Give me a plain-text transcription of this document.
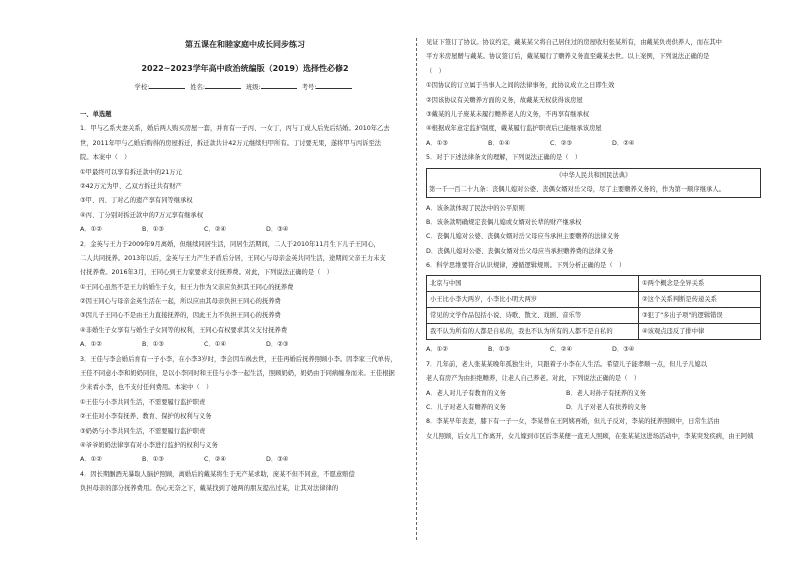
第五课在和睦家庭中成长同步练习
2022~2023学年高中政治统编版（2019）选择性必修2
学校:	姓名:	班级:	考号:
一、单选题
1．甲与乙系夫妻关系，婚后两人购买房屋一套，并育有一子丙、一女丁，丙与丁成人后先后结婚。2010年乙去
世，2011年甲与乙婚后购得的房屋拆迁，拆迁款共计42万元继续归甲所有。丁讨要无果，遂将甲与丙诉至法
院。本案中（　）
①甲最终可以享有拆迁款中的21万元
②42万元为甲、乙双方拆迁共有财产
③甲、丙、丁对乙的遗产享有同等继承权
④丙、丁分别对拆迁款中的7万元享有继承权
A．①②	B．①③	C．②④	D．③④
2．金英与王力于2009年9月离婚，但继续同居生活，同居生活期间，二人于2010年11月生下儿子王同心，
二人共同抚养。2013年以后，金英与王力产生矛盾后分居，王同心与母亲金英共同生活，途期间父亲王力未支
付抚养费。2016年3月，王同心到王力家要求支付抚养费。对此，下列说法正确的是（　）
①王同心虽然不是王力的婚生子女，但王力作为父亲应负担其王同心的抚养费
②因王同心与母亲金英生活在一起，所以应由其母亲负担王同心的抚养费
③因儿子王同心不是由王力直接抚养的，因此王力不负担王同心的抚养费
④非婚生子女享有与婚生子女同等的权利，王同心有权要求其父支付抚养费
A．①②	B．①③	C．①④	D．②③
3．王佳与李会婚后育有一子小李，在小李3岁时，李会因车祸去世，王佳再婚后抚养照顾小李。因李家三代单传，
王佳不同意小李和奶奶同住，是以小李同时和王佳与小李一起生活，照顾奶奶，奶奶由于同病缠身而来。王佳根据
少来看小李，也不支付任何费用。本案中（　）
①王佳与小李共同生活，不需要履行监护职责
②王佳对小李有抚养、教育、保护的权利与义务
③奶奶与小李共同生活，不需要履行监护职责
④爷爷奶奶法律享有对小李进行监护的权利与义务
A．①②	B．①③	C．②④	D．③④
4．因长期酗酒无暴取人脑护照顾，离婚后的戴某将生于无产某求助，庞某不但不同意，不愿意赔偿
负担母亲的部分抚养费用。伤心无奈之下，戴某找到了她两的朋友提出过某，让其对法律律的
见证下签订了协议。协议约定，戴某某父将自己居住过的房屋收归张某所有，由戴某负责供养人，而在其中
平方米房屋赠与戴某。协议签订后，戴某履行了赡养义务直至戴某去世。以上案例，下列说法正确的是
（　）
①因协议的订立属于当事人之间的法律事务，此协议成立之日即生效
②因该协议有关赡养方面的义务，故戴某无权获得该房屋
③戴某的儿子庞某未履行赡养老人的义务，不再享有继承权
④根据成年意定监护制度，戴某履行监护职责后已能继承该房屋
A．①③	B．①④	C．②③	D．②④
5．对于下述法律条文的理解，下列说法正确的是（　）
《中华人民共和国民法典》
第一千一百二十九条：丧偶儿媳对公婆、丧偶女婿对岳父母，尽了主要赡养义务的，作为第一顺序继承人。
A．该条款体现了民法中的公平原则
B．该条款明确规定丧偶儿媳或女婿对长辈的财产继承权
C．丧偶儿媳对公婆、丧偶女婿对岳父母应当承担主要赡养的法律义务
D．丧偶儿媳对公婆、丧偶女婿对岳父母应当承担赡养费的法律义务
6．科学思维要符合认识规律，遵循逻辑规则。下列分析正确的是（　）
北京与中国	①两个概念是全异关系
小王比小李大两岁，小李比小明大两岁	②这个关系判断是传递关系
常见的文学作品包括小说、诗歌、散文、戏剧、音乐等	③犯了"多出子项"的逻辑错误
我不认为所有的人都是自私的，我也不认为所有的人都不是自私的	④该观点违反了排中律
A．①②	B．①③	C．②④	D．③④
7．几年前，老人张某某晚年孤独生计，只跟着子小李在人生活。希望儿子能孝顺一点，但儿子儿媳以
老人有房产为由拒绝赡养，让老人自己养老。对此，下列说法正确的是（　）
A．老人对儿子有教育的义务	B．老人对孙子有抚养的义务
C．儿子对老人有赡养的义务	D．儿子对老人有扶养的义务
8．李某早年丧妻，膝下有一子一女，李某曾在王阿姨再婚，但儿子反对，李某的抚养照顾中，日常生活由
女儿照顾，后女儿工作离开，女儿嫁到市区后李某便一直无人照顾，在张某某这进场活动中，李某突发疾病，由王阿姨
